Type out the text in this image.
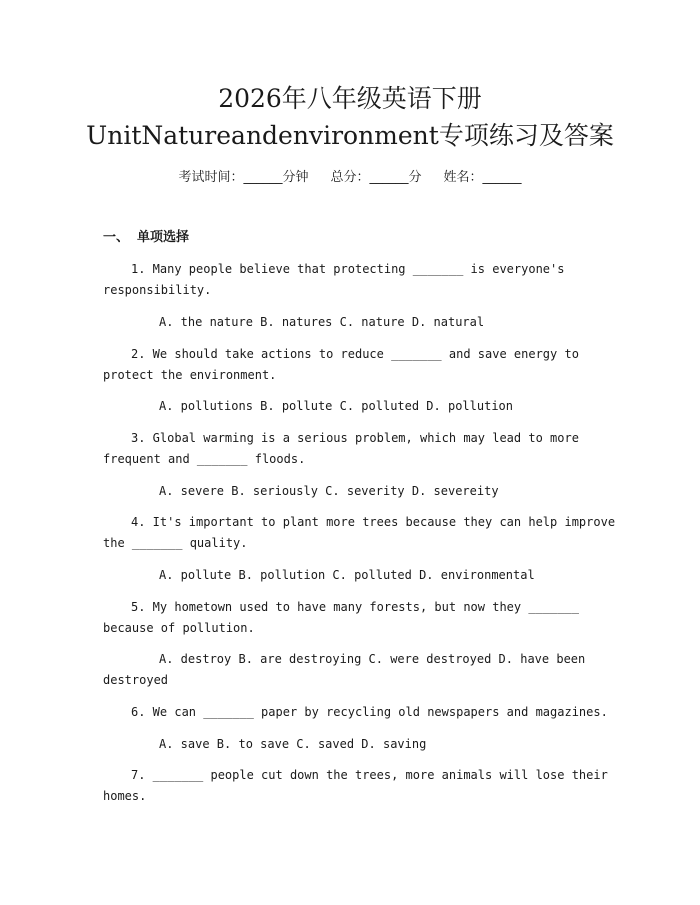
2026年八年级英语下册
UnitNatureandenvironment专项练习及答案
考试时间：______分钟 总分：______分 姓名：______
一、 单项选择
1. Many people believe that protecting _______ is everyone's
responsibility.
A. the nature B. natures C. nature D. natural
2. We should take actions to reduce _______ and save energy to
protect the environment.
A. pollutions B. pollute C. polluted D. pollution
3. Global warming is a serious problem, which may lead to more
frequent and _______ floods.
A. severe B. seriously C. severity D. severeity
4. It's important to plant more trees because they can help improve
the _______ quality.
A. pollute B. pollution C. polluted D. environmental
5. My hometown used to have many forests, but now they _______
because of pollution.
A. destroy B. are destroying C. were destroyed D. have been
destroyed
6. We can _______ paper by recycling old newspapers and magazines.
A. save B. to save C. saved D. saving
7. _______ people cut down the trees, more animals will lose their
homes.
